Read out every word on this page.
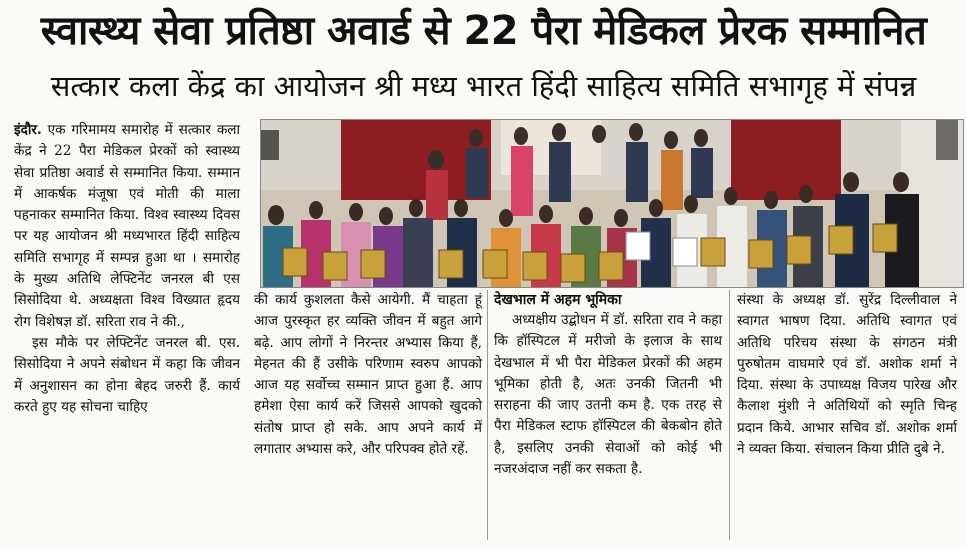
स्वास्थ्य सेवा प्रतिष्ठा अवार्ड से 22 पैरा मेडिकल प्रेरक सम्मानित
सत्कार कला केंद्र का आयोजन श्री मध्य भारत हिंदी साहित्य समिति सभागृह में संपन्न

इंदौर. एक गरिमामय समारोह में सत्कार कला केंद्र ने 22 पैरा मेडिकल प्रेरकों को स्वास्थ्य सेवा प्रतिष्ठा अवार्ड से सम्मानित किया. सम्मान में आकर्षक मंजूषा एवं मोती की माला पहनाकर सम्मानित किया. विश्व स्वास्थ्य दिवस पर यह आयोजन श्री मध्यभारत हिंदी साहित्य समिति सभागृह में सम्पन्न हुआ था । समारोह के मुख्य अतिथि लेफ्टिनेंट जनरल बी एस सिसोदिया थे. अध्यक्षता विश्व विख्यात हृदय रोग विशेषज्ञ डॉ. सरिता राव ने की.,

इस मौके पर लेफ्टिनेंट जनरल बी. एस. सिसोदिया ने अपने संबोधन में कहा कि जीवन में अनुशासन का होना बेहद जरुरी हैं. कार्य करते हुए यह सोचना चाहिए

की कार्य कुशलता कैसे आयेगी. मैं चाहता हूं आज पुरस्कृत हर व्यक्ति जीवन में बहुत आगे बढ़े. आप लोगों ने निरन्तर अभ्यास किया हैं, मेहनत की हैं उसीके परिणाम स्वरुप आपको आज यह सर्वोच्च सम्मान प्राप्त हुआ हैं. आप हमेशा ऐसा कार्य करें जिससे आपको खुदको संतोष प्राप्त हो सके. आप अपने कार्य में लगातार अभ्यास करे, और परिपक्व होते रहें.

देखभाल में अहम भूमिका

अध्यक्षीय उद्बोधन में डॉ. सरिता राव ने कहा कि हॉस्पिटल में मरीजो के इलाज के साथ देखभाल में भी पैरा मेडिकल प्रेरकों की अहम भूमिका होती है, अतः उनकी जितनी भी सराहना की जाए उतनी कम है. एक तरह से पैरा मेडिकल स्टाफ हॉस्पिटल की बेकबोन होते है, इसलिए उनकी सेवाओं को कोई भी नजरअंदाज नहीं कर सकता है.

संस्था के अध्यक्ष डॉ. सुरेंद्र दिल्लीवाल ने स्वागत भाषण दिया. अतिथि स्वागत एवं अतिथि परिचय संस्था के संगठन मंत्री पुरुषोतम वाघमारे एवं डॉ. अशोक शर्मा ने दिया. संस्था के उपाध्यक्ष विजय पारेख और कैलाश मुंशी ने अतिथियों को स्मृति चिन्ह प्रदान किये. आभार सचिव डॉ. अशोक शर्मा ने व्यक्त किया. संचालन किया प्रीति दुबे ने.
